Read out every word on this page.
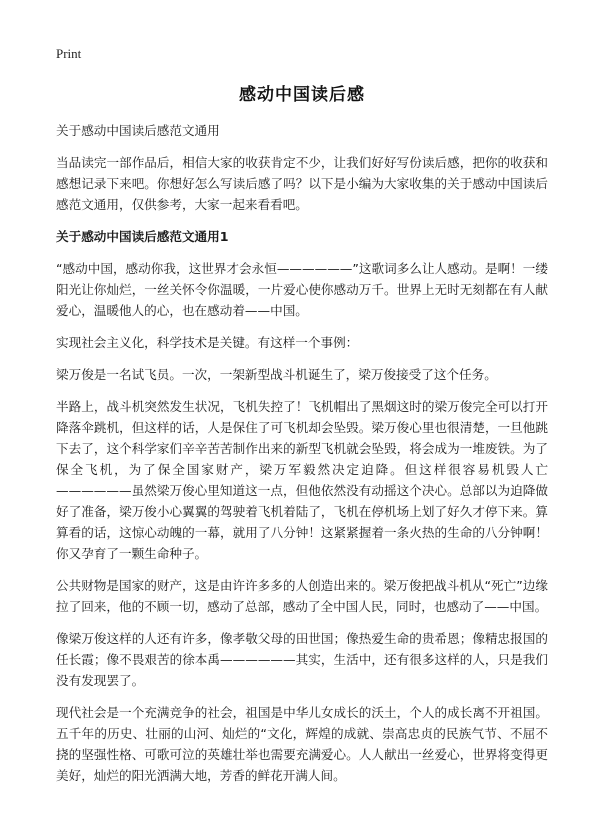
Print
感动中国读后感

关于感动中国读后感范文通用

当品读完一部作品后，相信大家的收获肯定不少，让我们好好写份读后感，把你的收获和感想记录下来吧。你想好怎么写读后感了吗？以下是小编为大家收集的关于感动中国读后感范文通用，仅供参考，大家一起来看看吧。

关于感动中国读后感范文通用1

“感动中国，感动你我，这世界才会永恒——————”这歌词多么让人感动。是啊！一缕阳光让你灿烂，一丝关怀令你温暖，一片爱心使你感动万千。世界上无时无刻都在有人献爱心，温暖他人的心，也在感动着——中国。

实现社会主义化，科学技术是关键。有这样一个事例：

梁万俊是一名试飞员。一次，一架新型战斗机诞生了，梁万俊接受了这个任务。

半路上，战斗机突然发生状况，飞机失控了！飞机帽出了黑烟这时的梁万俊完全可以打开降落伞跳机，但这样的话，人是保住了可飞机却会坠毁。梁万俊心里也很清楚，一旦他跳下去了，这个科学家们辛辛苦苦制作出来的新型飞机就会坠毁，将会成为一堆废铁。为了保全飞机，为了保全国家财产，梁万军毅然决定迫降。但这样很容易机毁人亡——————虽然梁万俊心里知道这一点，但他依然没有动摇这个决心。总部以为迫降做好了准备，梁万俊小心翼翼的驾驶着飞机着陆了，飞机在停机场上划了好久才停下来。算算看的话，这惊心动魄的一幕，就用了八分钟！这紧紧握着一条火热的生命的八分钟啊！你又孕育了一颗生命种子。

公共财物是国家的财产，这是由许许多多的人创造出来的。梁万俊把战斗机从“死亡”边缘拉了回来，他的不顾一切，感动了总部，感动了全中国人民，同时，也感动了——中国。

像梁万俊这样的人还有许多，像孝敬父母的田世国；像热爱生命的贵希恩；像精忠报国的任长霞；像不畏艰苦的徐本禹——————其实，生活中，还有很多这样的人，只是我们没有发现罢了。

现代社会是一个充满竞争的社会，祖国是中华儿女成长的沃土，个人的成长离不开祖国。五千年的历史、壮丽的山河、灿烂的“文化，辉煌的成就、崇高忠贞的民族气节、不屈不挠的坚强性格、可歌可泣的英雄壮举也需要充满爱心。人人献出一丝爱心，世界将变得更美好，灿烂的阳光洒满大地，芳香的鲜花开满人间。
